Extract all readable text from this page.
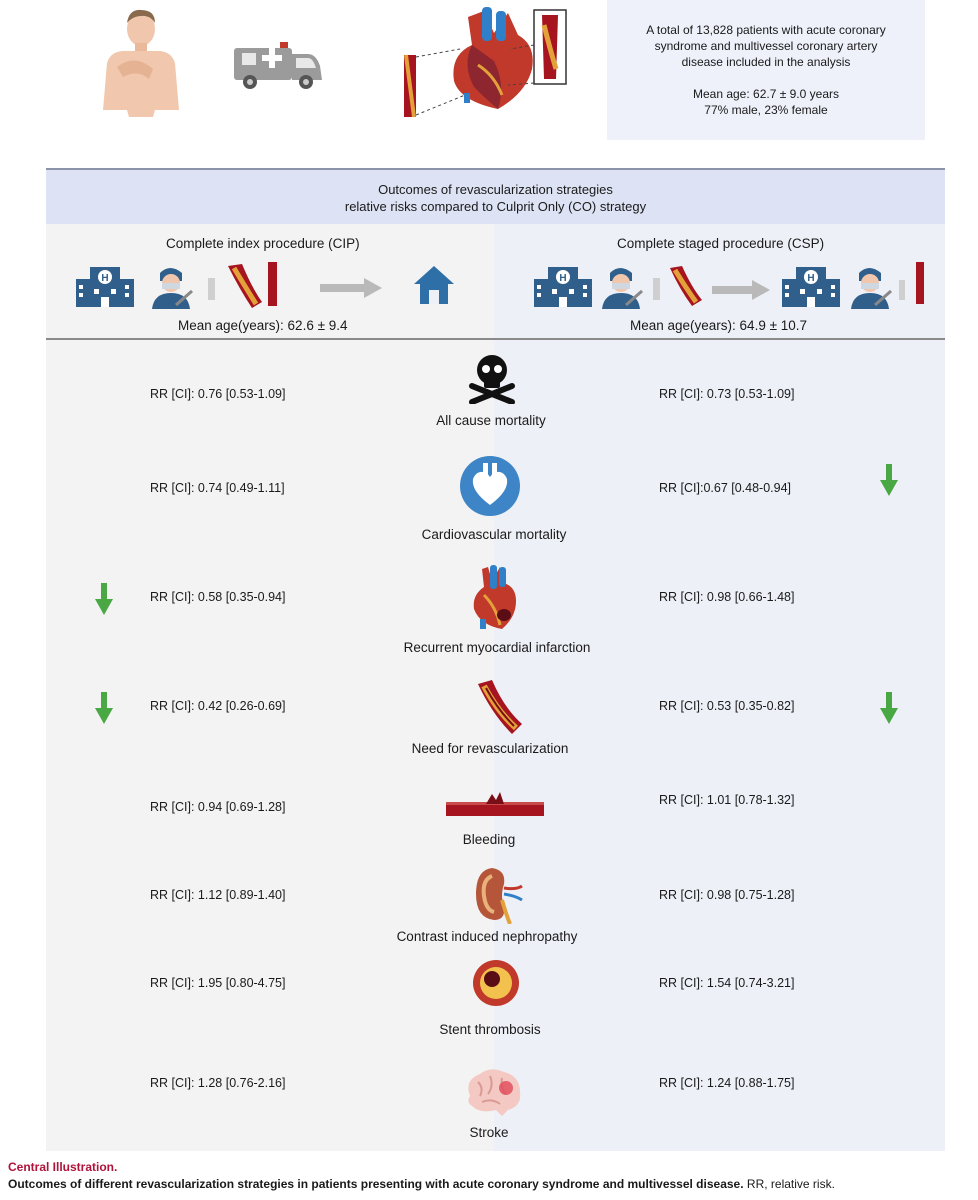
A total of 13,828 patients with acute coronary
syndrome and multivessel coronary artery
disease included in the analysis
Mean age: 62.7 ± 9.0 years
77% male, 23% female
Outcomes of revascularization strategies
relative risks compared to Culprit Only (CO) strategy
Complete index procedure (CIP)	Complete staged procedure (CSP)
H	H	H
Mean age(years): 62.6 ± 9.4	Mean age(years): 64.9 ± 10.7
RR [CI]: 0.76 [0.53-1.09]	RR [CI]: 0.73 [0.53-1.09]
All cause mortality
RR [CI]: 0.74 [0.49-1.11]	RR [CI]:0.67 [0.48-0.94]
Cardiovascular mortality
RR [CI]: 0.58 [0.35-0.94]	RR [CI]: 0.98 [0.66-1.48]
Recurrent myocardial infarction
RR [CI]: 0.42 [0.26-0.69]	RR [CI]: 0.53 [0.35-0.82]
Need for revascularization
RR [CI]: 0.94 [0.69-1.28]	RR [CI]: 1.01 [0.78-1.32]
Bleeding
RR [CI]: 1.12 [0.89-1.40]	RR [CI]: 0.98 [0.75-1.28]
Contrast induced nephropathy
RR [CI]: 1.95 [0.80-4.75]	RR [CI]: 1.54 [0.74-3.21]
Stent thrombosis
RR [CI]: 1.28 [0.76-2.16]	RR [CI]: 1.24 [0.88-1.75]
Stroke
Central Illustration.
Outcomes of different revascularization strategies in patients presenting with acute coronary syndrome and multivessel disease. RR, relative risk.
